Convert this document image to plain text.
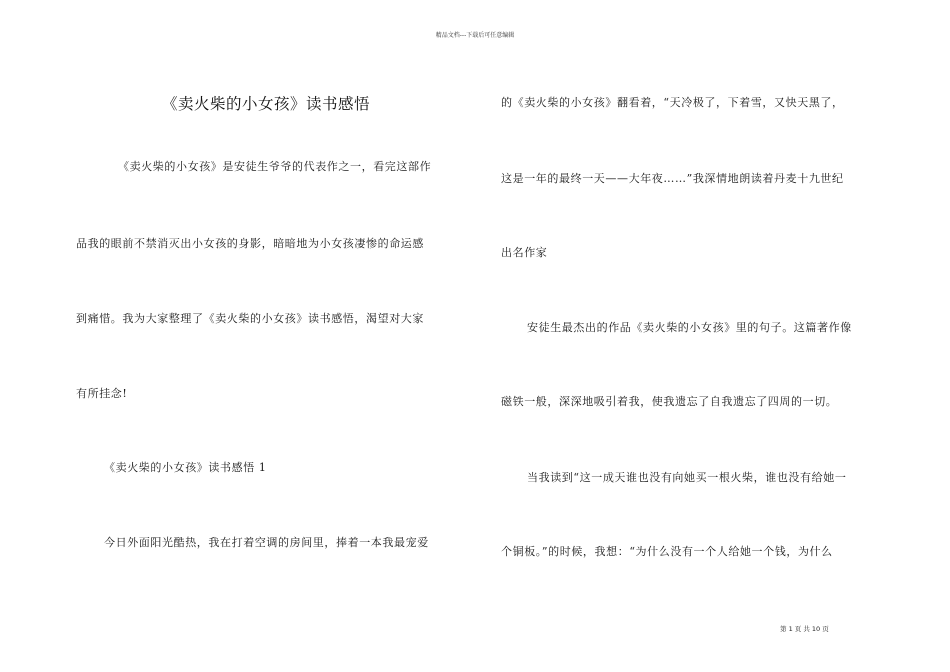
精品文档---下载后可任意编辑
《卖火柴的小女孩》读书感悟
《卖火柴的小女孩》是安徒生爷爷的代表作之一，看完这部作
品我的眼前不禁消灭出小女孩的身影，暗暗地为小女孩凄惨的命运感
到痛惜。我为大家整理了《卖火柴的小女孩》读书感悟，渴望对大家
有所挂念!
《卖火柴的小女孩》读书感悟 1
今日外面阳光酷热，我在打着空调的房间里，捧着一本我最宠爱
的《卖火柴的小女孩》翻看着，“天冷极了，下着雪，又快天黑了，
这是一年的最终一天——大年夜……”我深情地朗读着丹麦十九世纪
出名作家
安徒生最杰出的作品《卖火柴的小女孩》里的句子。这篇著作像
磁铁一般，深深地吸引着我，使我遗忘了自我遗忘了四周的一切。
当我读到“这一成天谁也没有向她买一根火柴，谁也没有给她一
个铜板。”的时候，我想：“为什么没有一个人给她一个钱，为什么
第 1 页 共 10 页
